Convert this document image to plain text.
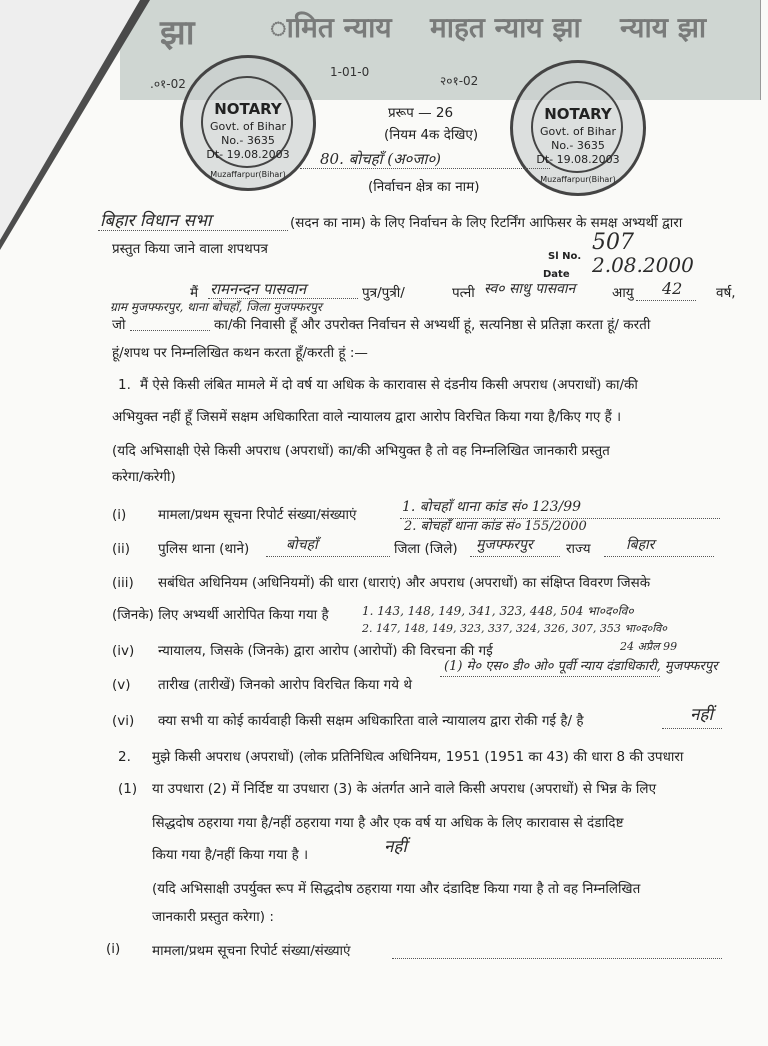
झा
.०१-02
ामित न्याय
1-01-0
माहत न्याय झा
२०१-02
न्याय झा
NOTARY
Govt. of Bihar
No.- 3635
Dt- 19.08.2003
Muzaffarpur(Bihar)
NOTARY
Govt. of Bihar
No.- 3635
Dt- 19.08.2003
Muzaffarpur(Bihar)
प्ररूप — 26
(नियम 4क देखिए)
80. बोचहाँ (अ०जा०)
(निर्वाचन क्षेत्र का नाम)
बिहार विधान सभा	(सदन का नाम) के लिए निर्वाचन के लिए रिटर्निंग आफिसर के समक्ष अभ्यर्थी द्वारा
प्रस्तुत किया जाने वाला शपथपत्र	Sl No.
507
Date 2.08.2000
मैं रामनन्दन पासवान	पुत्र/पुत्री/	पत्नी स्व० साधु पासवान	आयु 42 वर्ष,
ग्राम मुजफ्फरपुर, थाना बोचहाँ, जिला मुजफ्फरपुर
जो	का/की निवासी हूँ और उपरोक्त निर्वाचन से अभ्यर्थी हूं, सत्यनिष्ठा से प्रतिज्ञा करता हूं/ करती
हूं/शपथ पर निम्नलिखित कथन करता हूँ/करती हूं :—
1. मैं ऐसे किसी लंबित मामले में दो वर्ष या अधिक के कारावास से दंडनीय किसी अपराध (अपराधों) का/की
अभियुक्त नहीं हूँ जिसमें सक्षम अधिकारिता वाले न्यायालय द्वारा आरोप विरचित किया गया है/किए गए हैं ।
(यदि अभिसाक्षी ऐसे किसी अपराध (अपराधों) का/की अभियुक्त है तो वह निम्नलिखित जानकारी प्रस्तुत
करेगा/करेगी)
(i) मामला/प्रथम सूचना रिपोर्ट संख्या/संख्याएं	1. बोचहाँ थाना कांड सं० 123/99
2. बोचहाँ थाना कांड सं० 155/2000
(ii) पुलिस थाना (थाने)	बोचहाँ	जिला (जिले) मुजफ्फरपुर राज्य	बिहार
(iii) सबंधित अधिनियम (अधिनियमों) की धारा (धाराएं) और अपराध (अपराधों) का संक्षिप्त विवरण जिसके
(जिनके) लिए अभ्यर्थी आरोपित किया गया है	1. 143, 148, 149, 341, 323, 448, 504 भा०द०वि०
2. 147, 148, 149, 323, 337, 324, 326, 307, 353 भा०द०वि०
(iv) न्यायालय, जिसके (जिनके) द्वारा आरोप (आरोपों) की विरचना की गई	24 अप्रैल 99
(1) मे० एस० डी० ओ० पूर्वी न्याय दंडाधिकारी, मुजफ्फरपुर
(v) तारीख (तारीखें) जिनको आरोप विरचित किया गये थे
(vi) क्या सभी या कोई कार्यवाही किसी सक्षम अधिकारिता वाले न्यायालय द्वारा रोकी गई है/ है	नहीं
2. मुझे किसी अपराध (अपराधों) (लोक प्रतिनिधित्व अधिनियम, 1951 (1951 का 43) की धारा 8 की उपधारा
(1) या उपधारा (2) में निर्दिष्ट या उपधारा (3) के अंतर्गत आने वाले किसी अपराध (अपराधों) से भिन्न के लिए
सिद्धदोष ठहराया गया है/नहीं ठहराया गया है और एक वर्ष या अधिक के लिए कारावास से दंडादिष्ट
किया गया है/नहीं किया गया है ।	नहीं
(यदि अभिसाक्षी उपर्युक्त रूप में सिद्धदोष ठहराया गया और दंडादिष्ट किया गया है तो वह निम्नलिखित
जानकारी प्रस्तुत करेगा) :
(i) मामला/प्रथम सूचना रिपोर्ट संख्या/संख्याएं
